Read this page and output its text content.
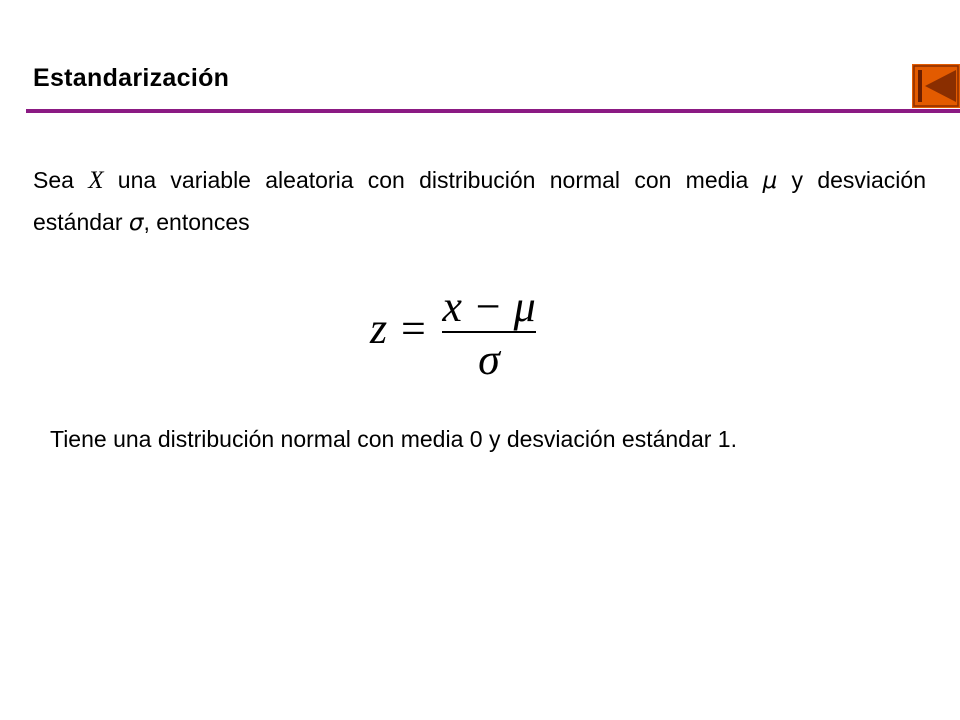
Estandarización
Sea X una variable aleatoria con distribución normal con media μ y desviación estándar σ, entonces
z = x − μ
σ
Tiene una distribución normal con media 0 y desviación estándar 1.
